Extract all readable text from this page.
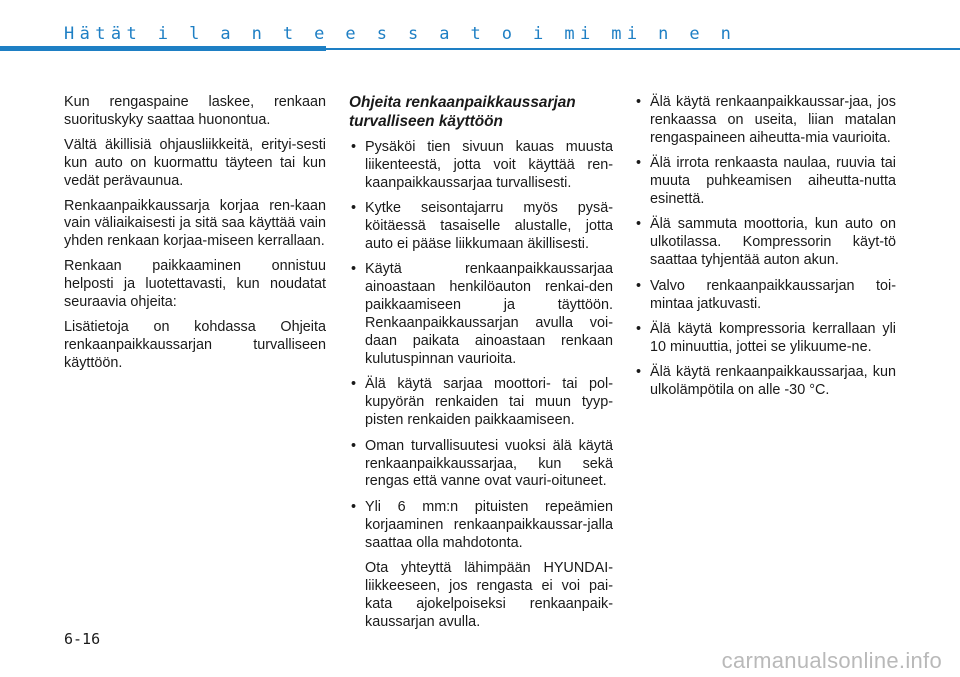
Hätät i l a n t e e s s a t o i mi mi n e n

Kun rengaspaine laskee, renkaan suorituskyky saattaa huonontua.

Vältä äkillisiä ohjausliikkeitä, erityi-sesti kun auto on kuormattu täyteen tai kun vedät perävaunua.

Renkaanpaikkaussarja korjaa ren-kaan vain väliaikaisesti ja sitä saa käyttää vain yhden renkaan korjaa-miseen kerrallaan.

Renkaan paikkaaminen onnistuu helposti ja luotettavasti, kun noudatat seuraavia ohjeita:

Lisätietoja on kohdassa Ohjeita renkaanpaikkaussarjan turvalliseen käyttöön.

Ohjeita renkaanpaikkaussarjan turvalliseen käyttöön

• Pysäköi tien sivuun kauas muusta liikenteestä, jotta voit käyttää ren-kaanpaikkaussarjaa turvallisesti.
• Kytke seisontajarru myös pysä-köitäessä tasaiselle alustalle, jotta auto ei pääse liikkumaan äkillisesti.
• Käytä renkaanpaikkaussarjaa ainoastaan henkilöauton renkai-den paikkaamiseen ja täyttöön. Renkaanpaikkaussarjan avulla voi-daan paikata ainoastaan renkaan kulutuspinnan vaurioita.
• Älä käytä sarjaa moottori- tai pol-kupyörän renkaiden tai muun tyyp-pisten renkaiden paikkaamiseen.
• Oman turvallisuutesi vuoksi älä käytä renkaanpaikkaussarjaa, kun sekä rengas että vanne ovat vauri-oituneet.
• Yli 6 mm:n pituisten repeämien korjaaminen renkaanpaikkaussar-jalla saattaa olla mahdotonta.

Ota yhteyttä lähimpään HYUNDAI-liikkeeseen, jos rengasta ei voi pai-kata ajokelpoiseksi renkaanpaik-kaussarjan avulla.

• Älä käytä renkaanpaikkaussar-jaa, jos renkaassa on useita, liian matalan rengaspaineen aiheutta-mia vaurioita.
• Älä irrota renkaasta naulaa, ruuvia tai muuta puhkeamisen aiheutta-nutta esinettä.
• Älä sammuta moottoria, kun auto on ulkotilassa. Kompressorin käyt-tö saattaa tyhjentää auton akun.
• Valvo renkaanpaikkaussarjan toi-mintaa jatkuvasti.
• Älä käytä kompressoria kerrallaan yli 10 minuuttia, jottei se ylikuume-ne.
• Älä käytä renkaanpaikkaussarjaa, kun ulkolämpötila on alle -30 °C.
6-16
carmanualsonline.info
